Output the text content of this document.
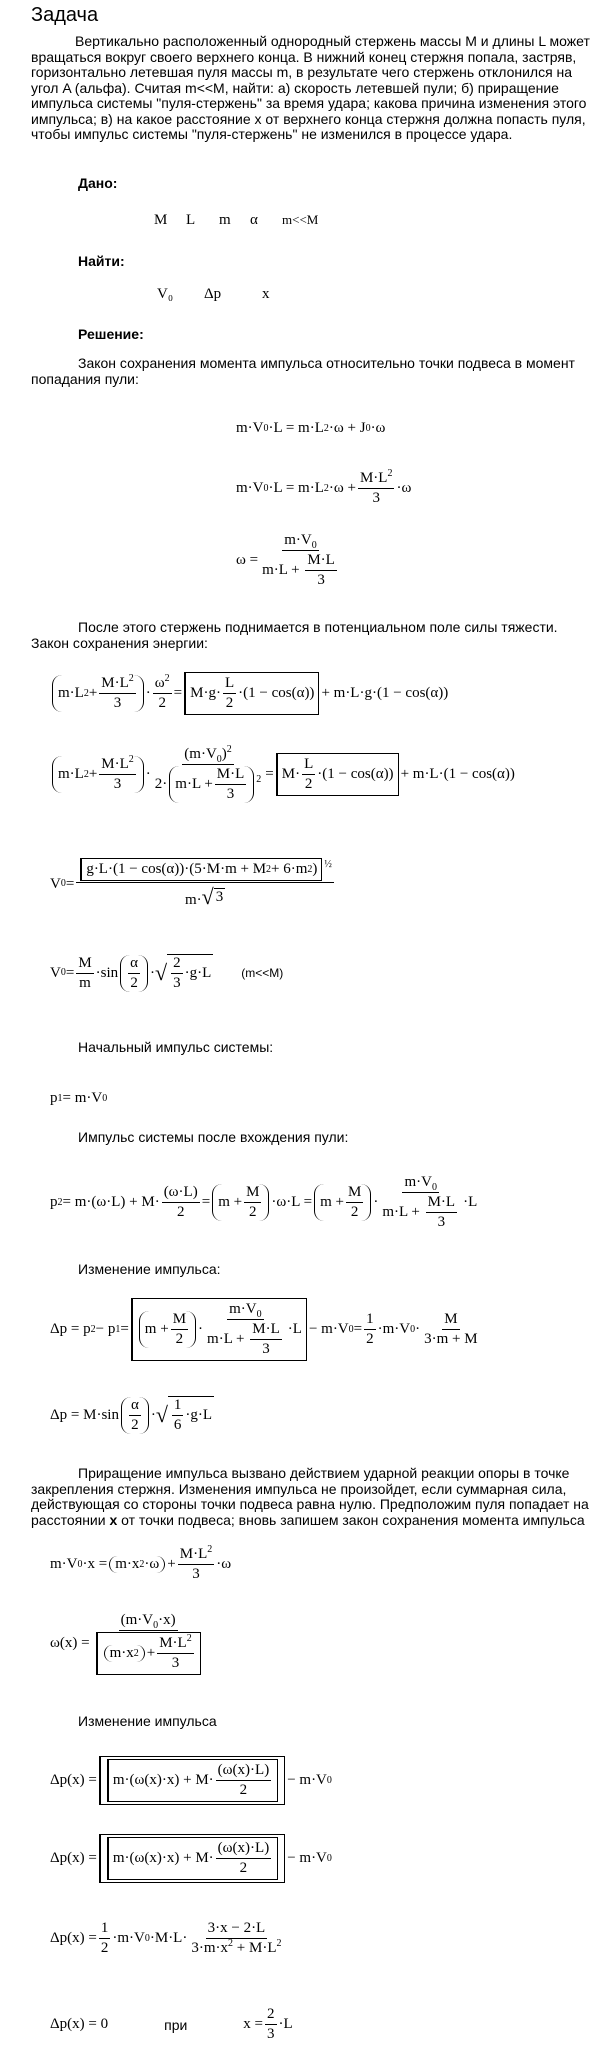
Задача
Вертикально расположенный однородный стержень массы M и длины L может
вращаться вокруг своего верхнего конца. В нижний конец стержня попала, застряв,
горизонтально летевшая пуля массы m, в результате чего стержень отклонился на
угол A (альфа). Считая m<<M, найти: а) скорость летевшей пули; б) приращение
импульса системы "пуля-стержень" за время удара; какова причина изменения этого
импульса; в) на какое расстояние x от верхнего конца стержня должна попасть пуля,
чтобы импульс системы "пуля-стержень" не изменился в процессе удара.
Дано:
M L m α m<<M
Найти:
V₀ Δp	x
Решение:
Закон сохранения момента импульса относительно точки подвеса в момент
попадания пули:
m·V 0 ·L = m·L 2 ·ω + J 0 ·ω
m·V 0 ·L = m·L $2 \cdot\omega + \frac{M\cdot L^2}{3} \cdot\omega$
$\omega = \frac{m\cdot V_0}{m\cdot L + \frac{M\cdot L}{3}}$
После этого стержень поднимается в потенциальном поле силы тяжести.
Закон сохранения энергии:
m·L $2 + \frac{M\cdot L^2}{3} \cdot \frac{\omega^2}{2} = M\cdot g\cdot \frac{L}{2} \cdot(1 - \cos(\alpha)) + m\cdot L\cdot g\cdot(1 - \cos(\alpha))$
m·L $2 + \frac{M\cdot L^2}{3} \cdot \frac{(m\cdot V_0)^2}{2\cdot m\cdot L + \frac{M\cdot L}{3} ^2} = M\cdot \frac{L}{2} \cdot(1 - \cos(\alpha)) + m\cdot L\cdot(1 - \cos(\alpha))$
V $0 = \frac{g\cdot L\cdot(1 - \cos(\alpha))\cdot(5\cdot M\cdot m + M 2 + 6\cdot m 2 ) ^{\frac{1}{2}}}{m\cdot √ 3}$
V $0 = \frac{M}{m} \cdot\sin \frac{\alpha}{2}$ · √ $\frac{2}{3} \cdot g\cdot L$	(m<<M)
Начальный импульс системы:
p 1 = m·V 0
Импульс системы после вхождения пули:
p $2 = m\cdot(\omega\cdot L) + M\cdot \frac{(\omega\cdot L)}{2} = m + \frac{M}{2} \cdot\omega\cdot L = m + \frac{M}{2} \cdot \frac{m\cdot V_0}{m\cdot L + \frac{M\cdot L}{3}} \cdot L$
Изменение импульса:
Δp = p 2 − p 1 =	$m + \frac{M}{2} \cdot \frac{m\cdot V_0}{m\cdot L + \frac{M\cdot L}{3}} \cdot L - m\cdot V$ $0 = \frac{1}{2} \cdot m\cdot V$ $0 \cdot \frac{M}{3\cdot m + M}$
$\Delta p = M\cdot\sin \frac{\alpha}{2}$ · √ $\frac{1}{6} \cdot g\cdot L$
Приращение импульса вызвано действием ударной реакции опоры в точке
закрепления стержня. Изменения импульса не произойдет, если суммарная сила,
действующая со стороны точки подвеса равна нулю. Предположим пуля попадает на
расстоянии x от точки подвеса; вновь запишем закон сохранения момента импульса
m·V 0 ·x = m·x $2 \cdot\omega + \frac{M\cdot L^2}{3} \cdot\omega$
$\omega(x) = \frac{(m\cdot V_0\cdot x)}{m\cdot x 2 + \frac{M\cdot L^2}{3}}$
Изменение импульса
Δp(x) =	$m\cdot(\omega(x)\cdot x) + M\cdot \frac{(\omega(x)\cdot L)}{2} - m\cdot V$ 0
Δp(x) =	$m\cdot(\omega(x)\cdot x) + M\cdot \frac{(\omega(x)\cdot L)}{2} - m\cdot V$ 0
$\Delta p(x) = \frac{1}{2} \cdot m\cdot V$ $0 \cdot M\cdot L\cdot \frac{3\cdot x - 2\cdot L}{3\cdot m\cdot x^2 + M\cdot L^2}$
Δp(x) = 0	при	$x = \frac{2}{3} \cdot L$
